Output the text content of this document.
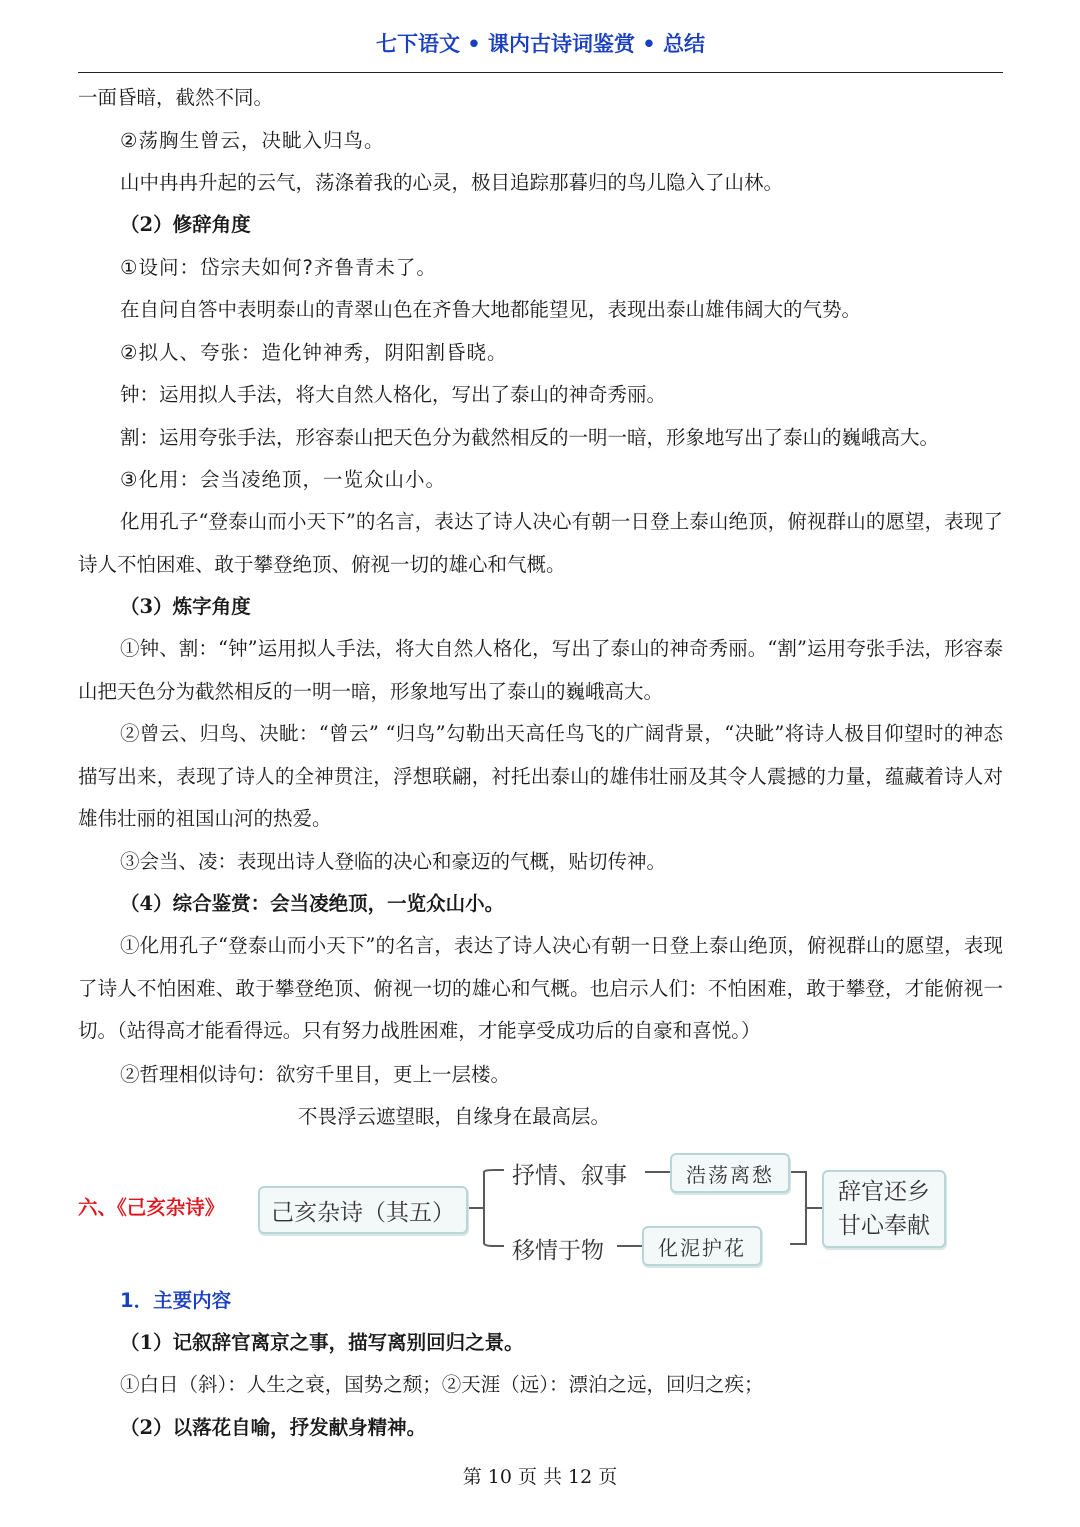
七下语文 • 课内古诗词鉴赏 • 总结
一面昏暗，截然不同。
②荡胸生曾云，决眦入归鸟。
山中冉冉升起的云气，荡涤着我的心灵，极目追踪那暮归的鸟儿隐入了山林。
（2）修辞角度
①设问：岱宗夫如何?齐鲁青未了。
在自问自答中表明泰山的青翠山色在齐鲁大地都能望见，表现出泰山雄伟阔大的气势。
②拟人、夸张：造化钟神秀，阴阳割昏晓。
钟：运用拟人手法，将大自然人格化，写出了泰山的神奇秀丽。
割：运用夸张手法，形容泰山把天色分为截然相反的一明一暗，形象地写出了泰山的巍峨高大。
③化用：会当凌绝顶，一览众山小。
化用孔子“登泰山而小天下”的名言，表达了诗人决心有朝一日登上泰山绝顶，俯视群山的愿望，表现了诗人不怕困难、敢于攀登绝顶、俯视一切的雄心和气概。
（3）炼字角度
①钟、割：“钟”运用拟人手法，将大自然人格化，写出了泰山的神奇秀丽。“割”运用夸张手法，形容泰山把天色分为截然相反的一明一暗，形象地写出了泰山的巍峨高大。
②曾云、归鸟、决眦：“曾云” “归鸟”勾勒出天高任鸟飞的广阔背景，“决眦”将诗人极目仰望时的神态描写出来，表现了诗人的全神贯注，浮想联翩，衬托出泰山的雄伟壮丽及其令人震撼的力量，蕴藏着诗人对雄伟壮丽的祖国山河的热爱。
③会当、凌：表现出诗人登临的决心和豪迈的气概，贴切传神。
（4）综合鉴赏：会当凌绝顶，一览众山小。
①化用孔子“登泰山而小天下”的名言，表达了诗人决心有朝一日登上泰山绝顶，俯视群山的愿望，表现了诗人不怕困难、敢于攀登绝顶、俯视一切的雄心和气概。也启示人们：不怕困难，敢于攀登，才能俯视一切。（站得高才能看得远。只有努力战胜困难，才能享受成功后的自豪和喜悦。）
②哲理相似诗句：欲穷千里目，更上一层楼。
不畏浮云遮望眼，自缘身在最高层。
六、《己亥杂诗》	己亥杂诗（其五）
抒情、叙事	浩荡离愁
移情于物	化泥护花
辞官还乡
甘心奉献
1．主要内容
（1）记叙辞官离京之事，描写离别回归之景。
①白日（斜）：人生之衰，国势之颓；②天涯（远）：漂泊之远，回归之疾；
（2）以落花自喻，抒发献身精神。
第 10 页 共 12 页
